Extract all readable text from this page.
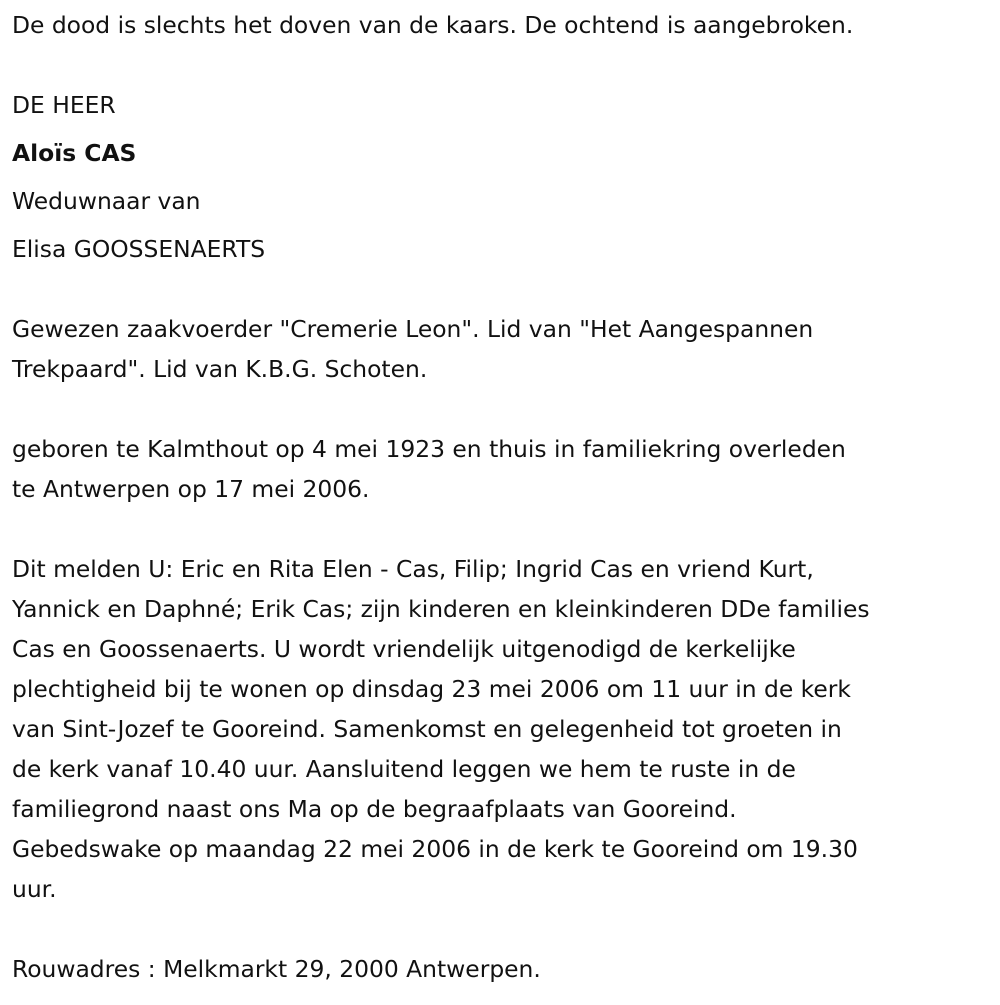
De dood is slechts het doven van de kaars. De ochtend is aangebroken.
DE HEER
Aloïs CAS
Weduwnaar van
Elisa GOOSSENAERTS
Gewezen zaakvoerder "Cremerie Leon". Lid van "Het Aangespannen
Trekpaard". Lid van K.B.G. Schoten.
geboren te Kalmthout op 4 mei 1923 en thuis in familiekring overleden
te Antwerpen op 17 mei 2006.
Dit melden U: Eric en Rita Elen - Cas, Filip; Ingrid Cas en vriend Kurt,
Yannick en Daphné; Erik Cas; zijn kinderen en kleinkinderen DDe families
Cas en Goossenaerts. U wordt vriendelijk uitgenodigd de kerkelijke
plechtigheid bij te wonen op dinsdag 23 mei 2006 om 11 uur in de kerk
van Sint-Jozef te Gooreind. Samenkomst en gelegenheid tot groeten in
de kerk vanaf 10.40 uur. Aansluitend leggen we hem te ruste in de
familiegrond naast ons Ma op de begraafplaats van Gooreind.
Gebedswake op maandag 22 mei 2006 in de kerk te Gooreind om 19.30
uur.
Rouwadres : Melkmarkt 29, 2000 Antwerpen.
